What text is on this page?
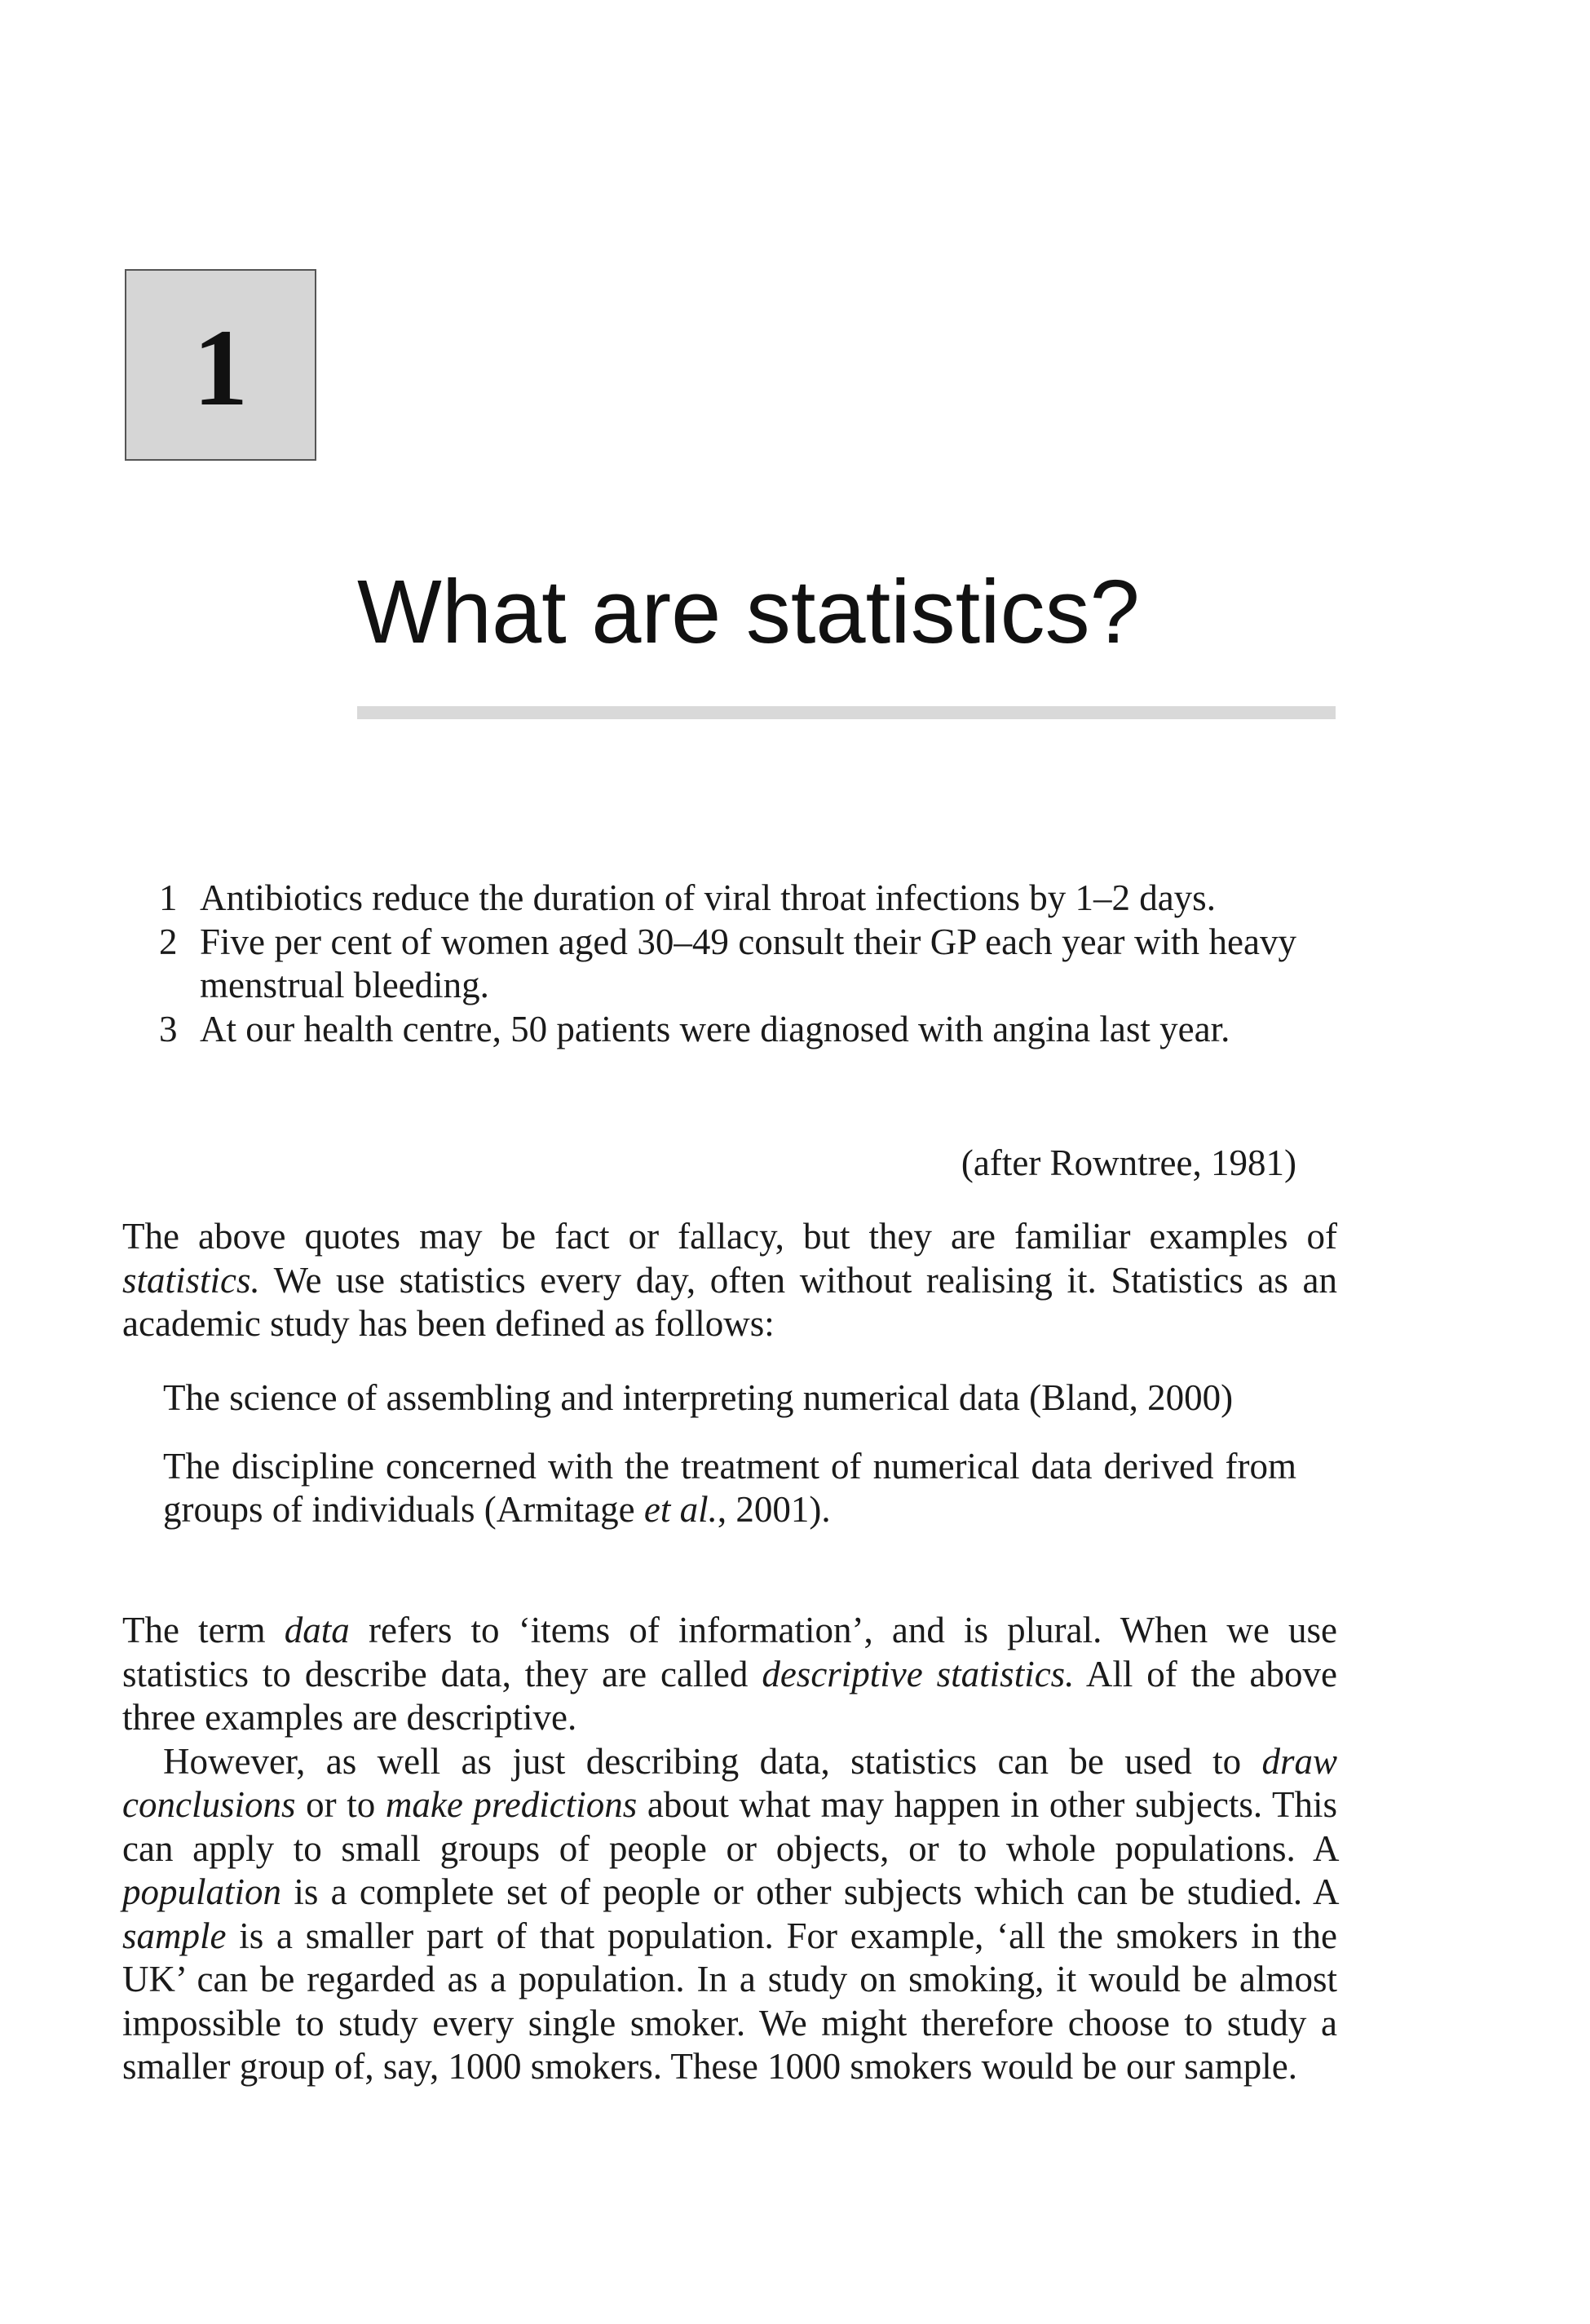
1
What are statistics?
1 Antibiotics reduce the duration of viral throat infections by 1–2 days.
2 Five per cent of women aged 30–49 consult their GP each year with heavy menstrual bleeding.
3 At our health centre, 50 patients were diagnosed with angina last year.
(after Rowntree, 1981)

The above quotes may be fact or fallacy, but they are familiar examples of statistics. We use statistics every day, often without realising it. Statistics as an academic study has been defined as follows:

The science of assembling and interpreting numerical data (Bland, 2000)

The discipline concerned with the treatment of numerical data derived from groups of individuals (Armitage et al., 2001).

The term data refers to ‘items of information’, and is plural. When we use statistics to describe data, they are called descriptive statistics. All of the above three examples are descriptive.

However, as well as just describing data, statistics can be used to draw conclusions or to make predictions about what may happen in other subjects. This can apply to small groups of people or objects, or to whole populations. A population is a complete set of people or other subjects which can be studied. A sample is a smaller part of that population. For example, ‘all the smokers in the UK’ can be regarded as a population. In a study on smoking, it would be almost impossible to study every single smoker. We might therefore choose to study a smaller group of, say, 1000 smokers. These 1000 smokers would be our sample.
